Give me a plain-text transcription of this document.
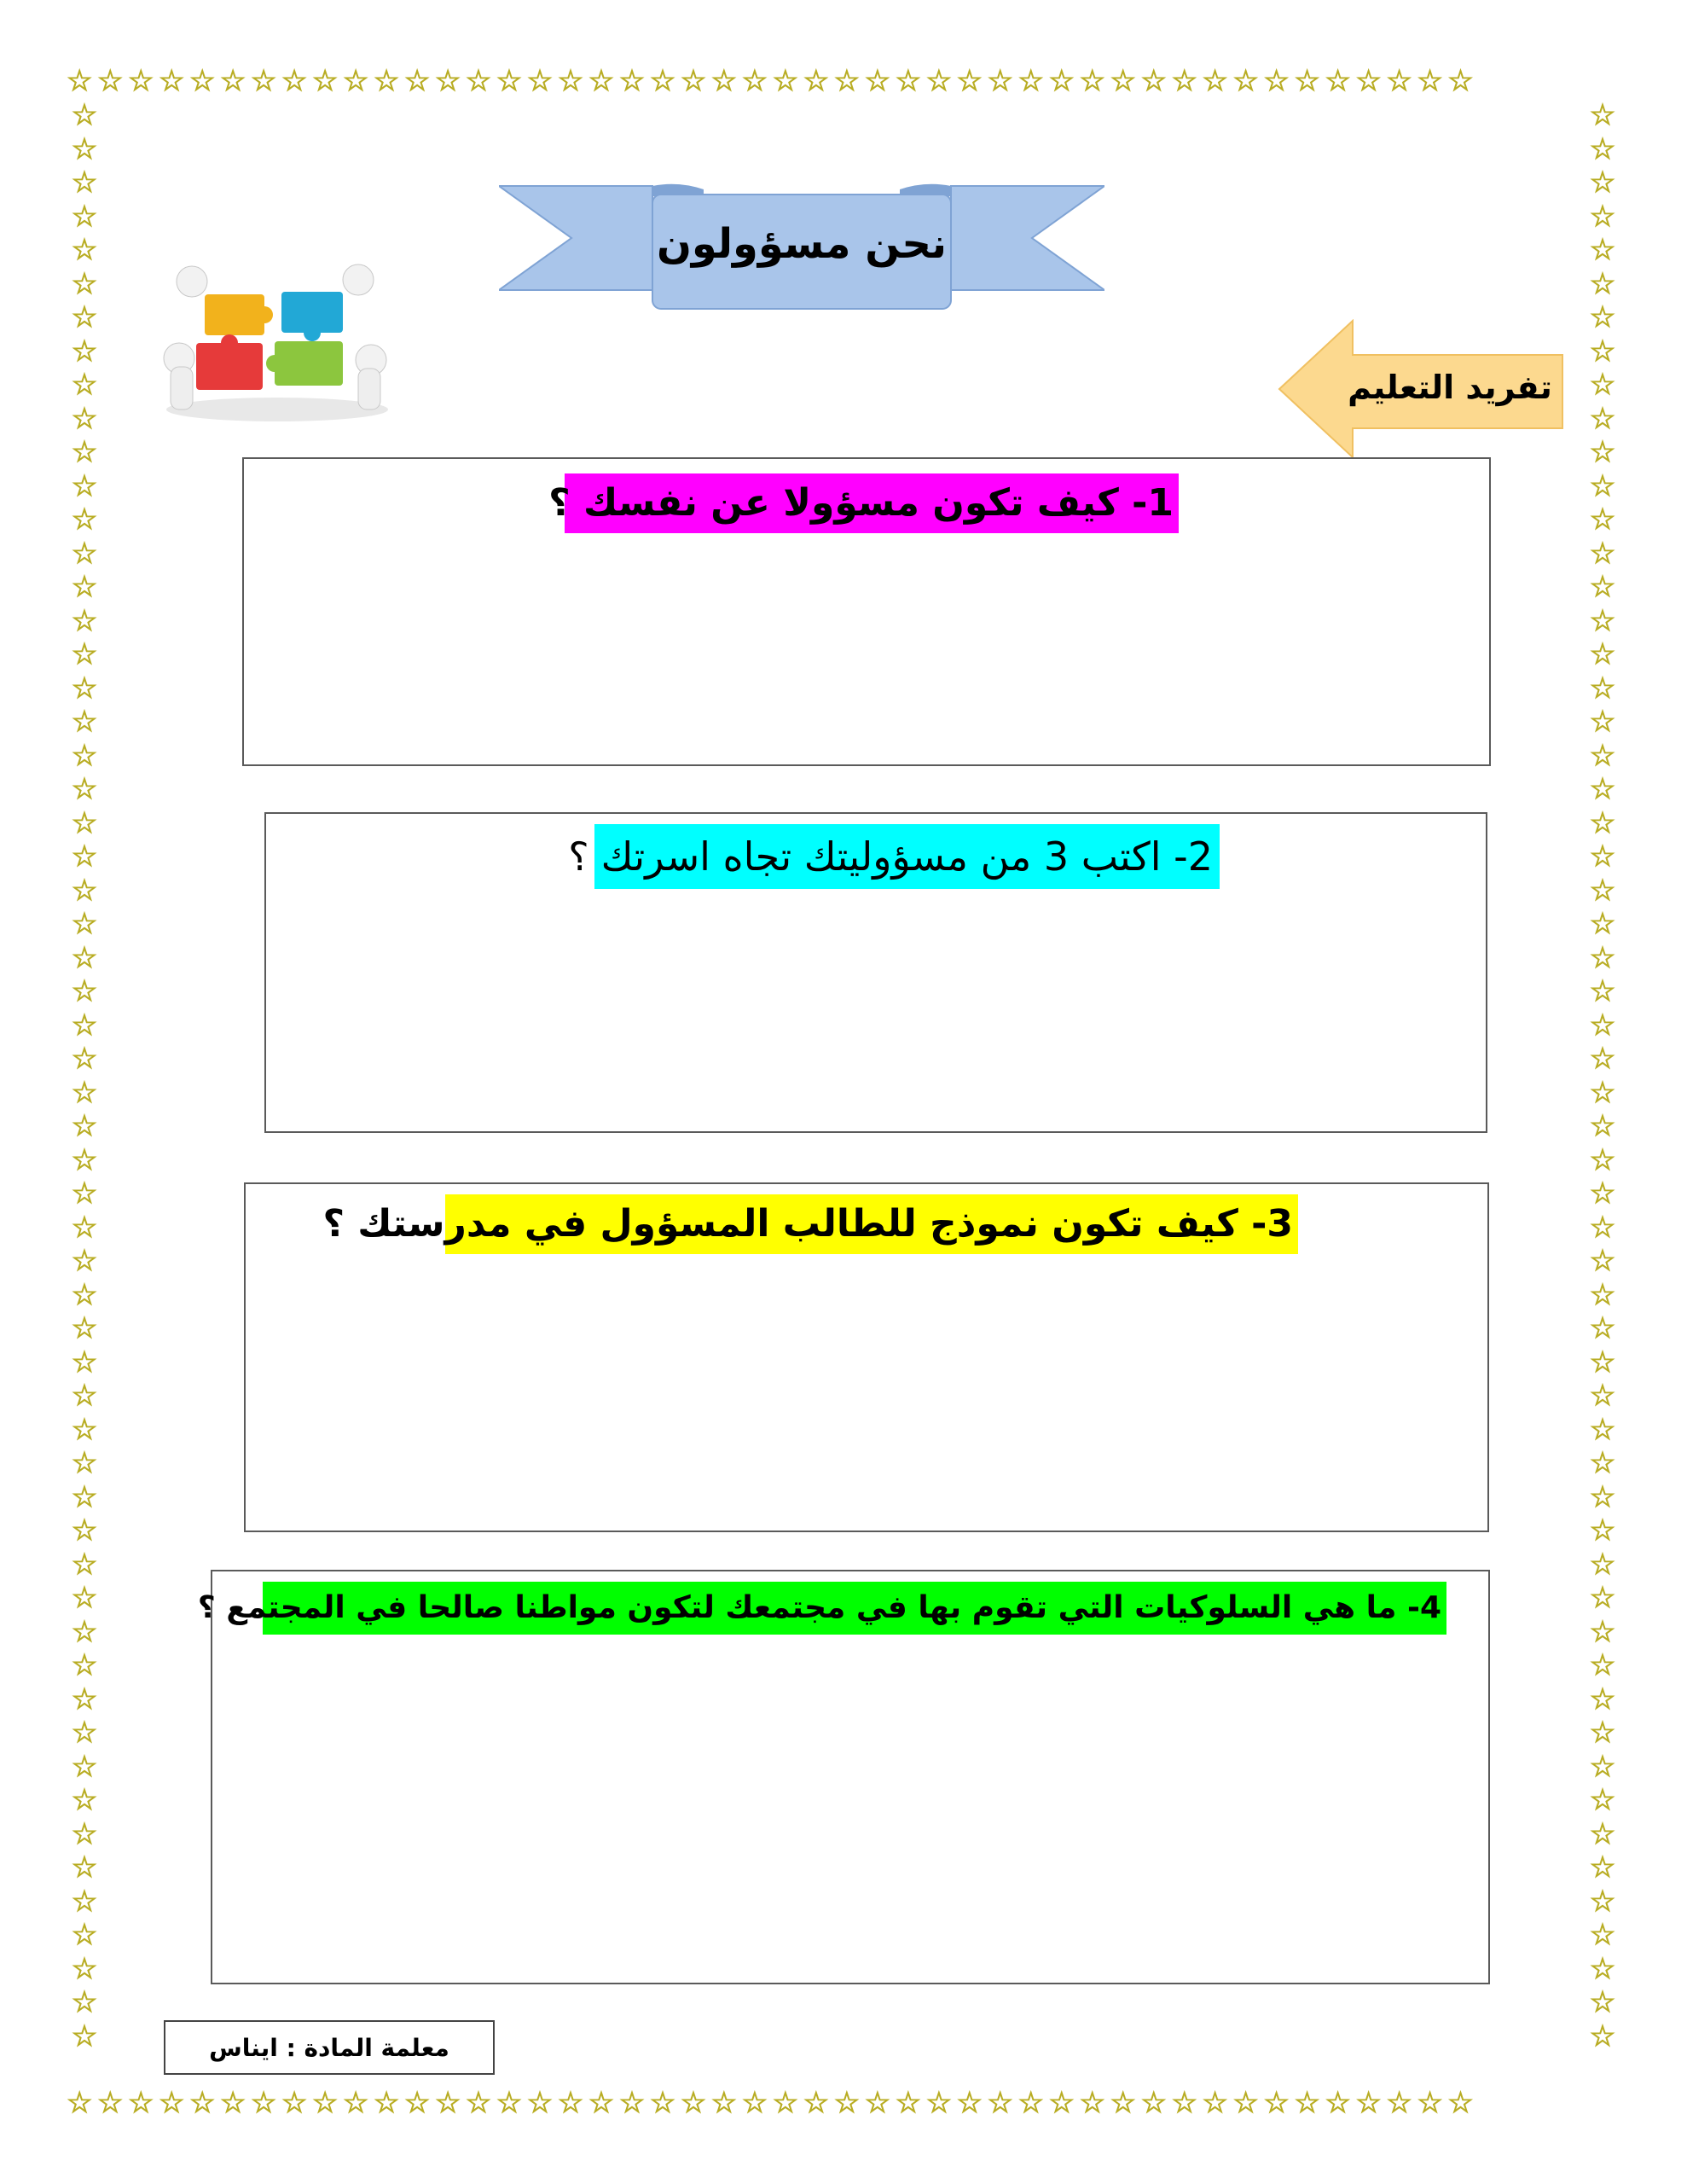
☆☆☆☆☆☆☆☆☆☆☆☆☆☆☆☆☆☆☆☆☆☆☆☆☆☆☆☆☆☆☆☆☆☆☆☆☆☆☆☆☆☆☆☆☆☆
☆☆☆☆☆☆☆☆☆☆☆☆☆☆☆☆☆☆☆☆☆☆☆☆☆☆☆☆☆☆☆☆☆☆☆☆☆☆☆☆☆☆☆☆☆☆
☆
☆
☆
☆
☆
☆
☆
☆
☆
☆
☆
☆
☆
☆
☆
☆
☆
☆
☆
☆
☆
☆
☆
☆
☆
☆
☆
☆
☆
☆
☆
☆
☆
☆
☆
☆
☆
☆
☆
☆
☆
☆
☆
☆
☆
☆
☆
☆
☆
☆
☆
☆
☆
☆
☆
☆
☆
☆
☆
☆
☆
☆
☆
☆
☆
☆
☆
☆
☆
☆
☆
☆
☆
☆
☆
☆
☆
☆
☆
☆
☆
☆
☆
☆
☆
☆
☆
☆
☆
☆
☆
☆
☆
☆
☆
☆
☆
☆
☆
☆
☆
☆
☆
☆
☆
☆
☆
☆
☆
☆
☆
☆
☆
☆
☆
☆
نحن مسؤولون
تفريد التعليم
1- كيف تكون مسؤولا عن نفسك ؟
2- اكتب 3 من مسؤوليتك تجاه اسرتك
؟
3- كيف تكون نموذج للطالب المسؤول في مدرستك ؟
4- ما هي السلوكيات التي تقوم بها في مجتمعك لتكون مواطنا صالحا في المجتمع ؟
معلمة المادة : ايناس
